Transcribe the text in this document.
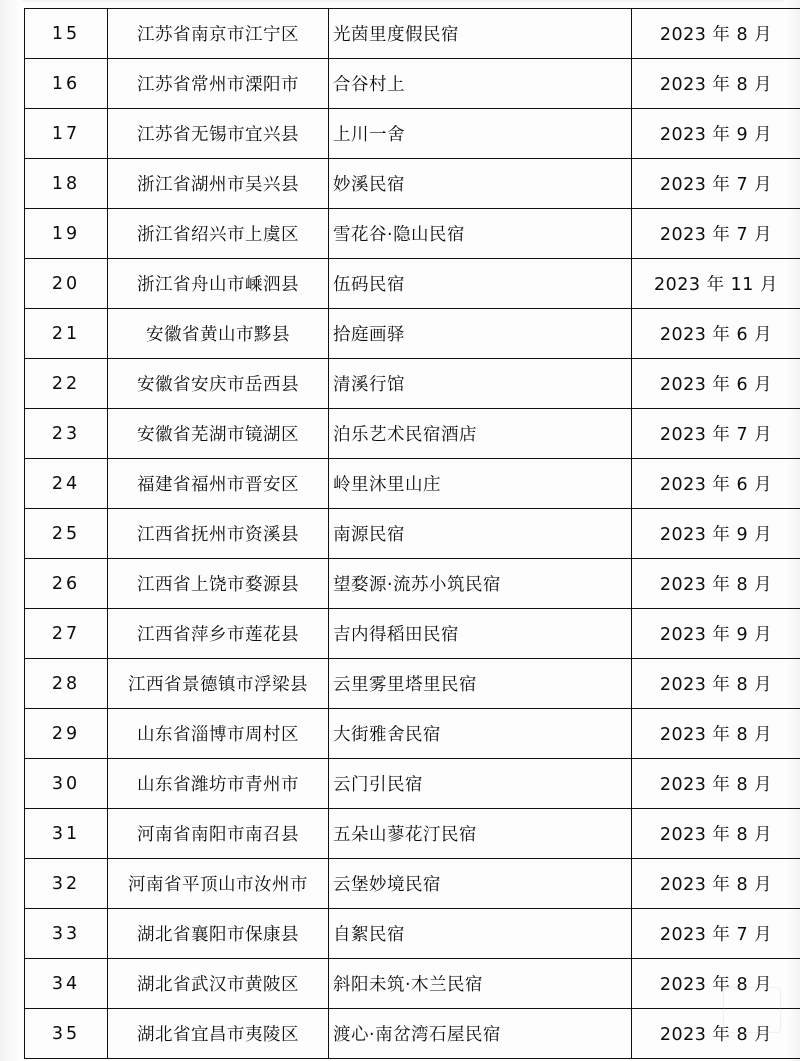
15	江苏省南京市江宁区	光茵里度假民宿	2023 年 8 月
16	江苏省常州市溧阳市	合谷村上	2023 年 8 月
17	江苏省无锡市宜兴县	上川一舍	2023 年 9 月
18	浙江省湖州市吴兴县	妙溪民宿	2023 年 7 月
19	浙江省绍兴市上虞区	雪花谷·隐山民宿	2023 年 7 月
20	浙江省舟山市嵊泗县	伍码民宿	2023 年 11 月
21	安徽省黄山市黟县	拾庭画驿	2023 年 6 月
22	安徽省安庆市岳西县	清溪行馆	2023 年 6 月
23	安徽省芜湖市镜湖区	泊乐艺术民宿酒店	2023 年 7 月
24	福建省福州市晋安区	岭里沐里山庄	2023 年 6 月
25	江西省抚州市资溪县	南源民宿	2023 年 9 月
26	江西省上饶市婺源县	望婺源·流苏小筑民宿	2023 年 8 月
27	江西省萍乡市莲花县	吉内得稻田民宿	2023 年 9 月
28	江西省景德镇市浮梁县	云里雾里塔里民宿	2023 年 8 月
29	山东省淄博市周村区	大街雅舍民宿	2023 年 8 月
30	山东省潍坊市青州市	云门引民宿	2023 年 8 月
31	河南省南阳市南召县	五朵山蓼花汀民宿	2023 年 8 月
32	河南省平顶山市汝州市	云堡妙境民宿	2023 年 8 月
33	湖北省襄阳市保康县	自絮民宿	2023 年 7 月
34	湖北省武汉市黄陂区	斜阳未筑·木兰民宿	2023 年 8 月
35	湖北省宜昌市夷陵区	渡心·南岔湾石屋民宿	2023 年 8 月
